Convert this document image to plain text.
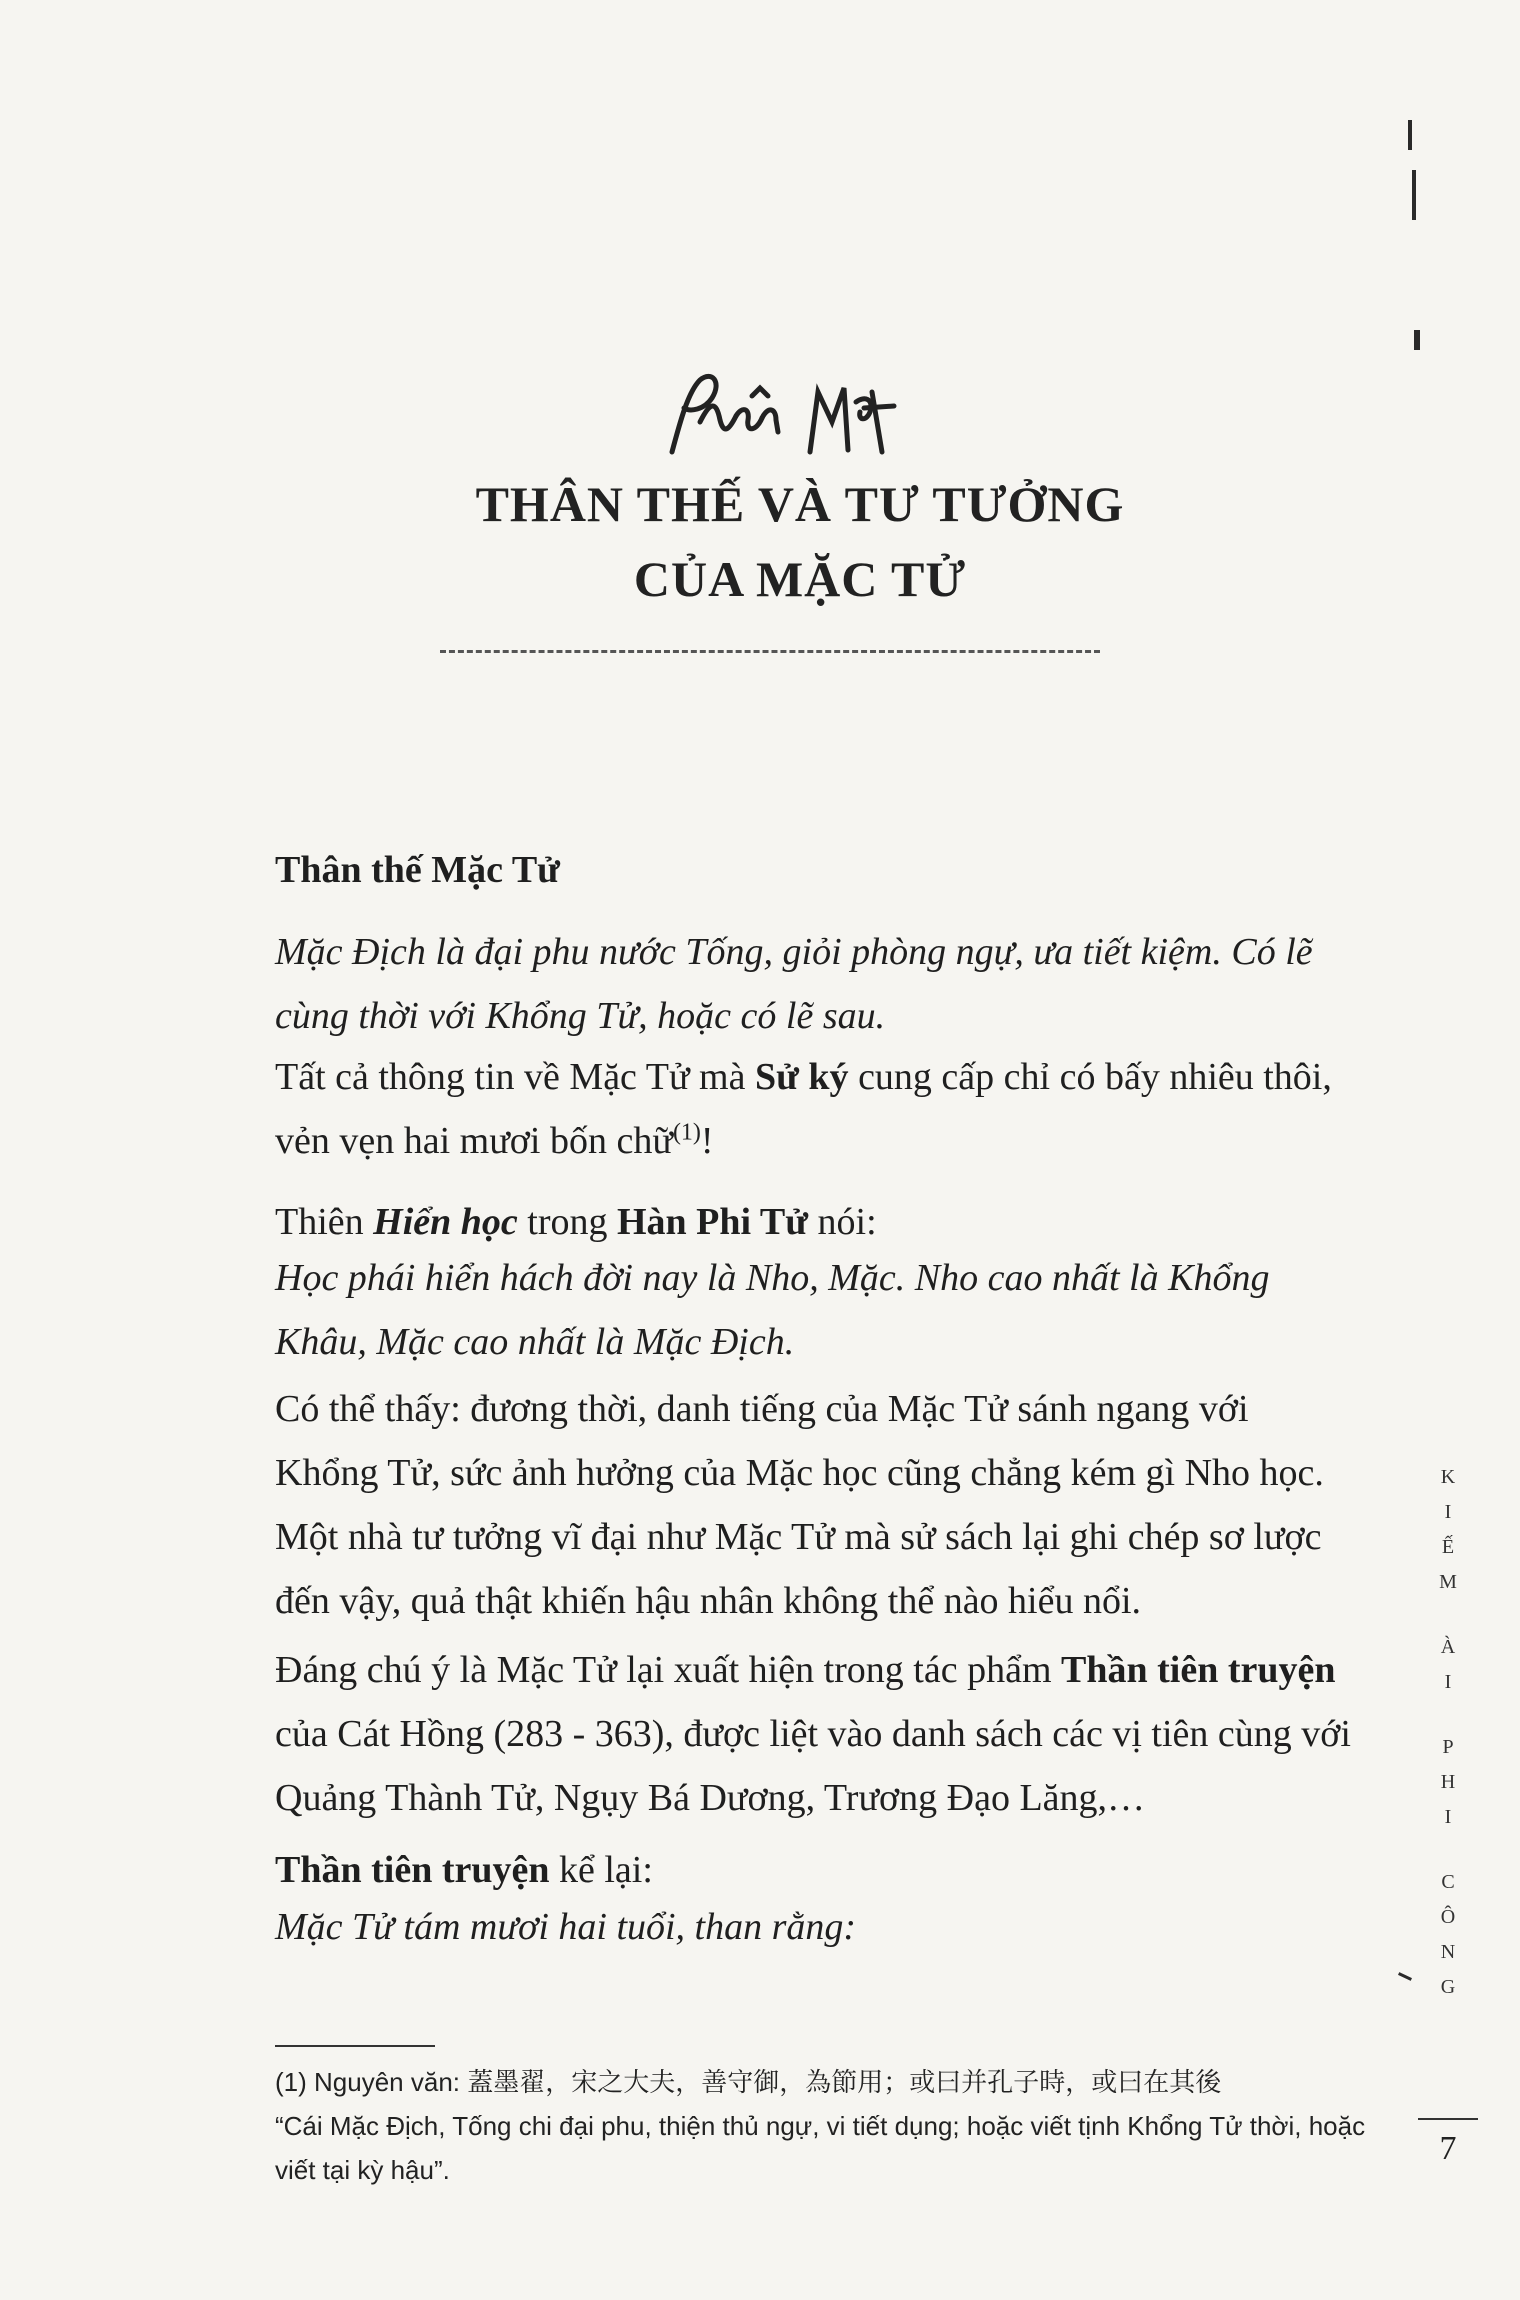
THÂN THẾ VÀ TƯ TƯỞNG
CỦA MẶC TỬ
Thân thế Mặc Tử
Mặc Địch là đại phu nước Tống, giỏi phòng ngự, ưa tiết kiệm. Có lẽ cùng thời với Khổng Tử, hoặc có lẽ sau.
Tất cả thông tin về Mặc Tử mà Sử ký cung cấp chỉ có bấy nhiêu thôi, vẻn vẹn hai mươi bốn chữ$^{(1)}$!
Thiên Hiển học trong Hàn Phi Tử nói:
Học phái hiển hách đời nay là Nho, Mặc. Nho cao nhất là Khổng Khâu, Mặc cao nhất là Mặc Địch.
Có thể thấy: đương thời, danh tiếng của Mặc Tử sánh ngang với Khổng Tử, sức ảnh hưởng của Mặc học cũng chẳng kém gì Nho học. Một nhà tư tưởng vĩ đại như Mặc Tử mà sử sách lại ghi chép sơ lược đến vậy, quả thật khiến hậu nhân không thể nào hiểu nổi.
Đáng chú ý là Mặc Tử lại xuất hiện trong tác phẩm Thần tiên truyện của Cát Hồng (283 - 363), được liệt vào danh sách các vị tiên cùng với Quảng Thành Tử, Ngụy Bá Dương, Trương Đạo Lăng,…
Thần tiên truyện kể lại:
Mặc Tử tám mươi hai tuổi, than rằng:
(1) Nguyên văn: 蓋墨翟，宋之大夫，善守御，為節用；或曰并孔子時，或曰在其後
“Cái Mặc Địch, Tống chi đại phu, thiện thủ ngự, vi tiết dụng; hoặc viết tịnh Khổng Tử thời, hoặc viết tại kỳ hậu”.
K
I
Ế
M
À
I
P
H
I
C
Ô
N
G
7
